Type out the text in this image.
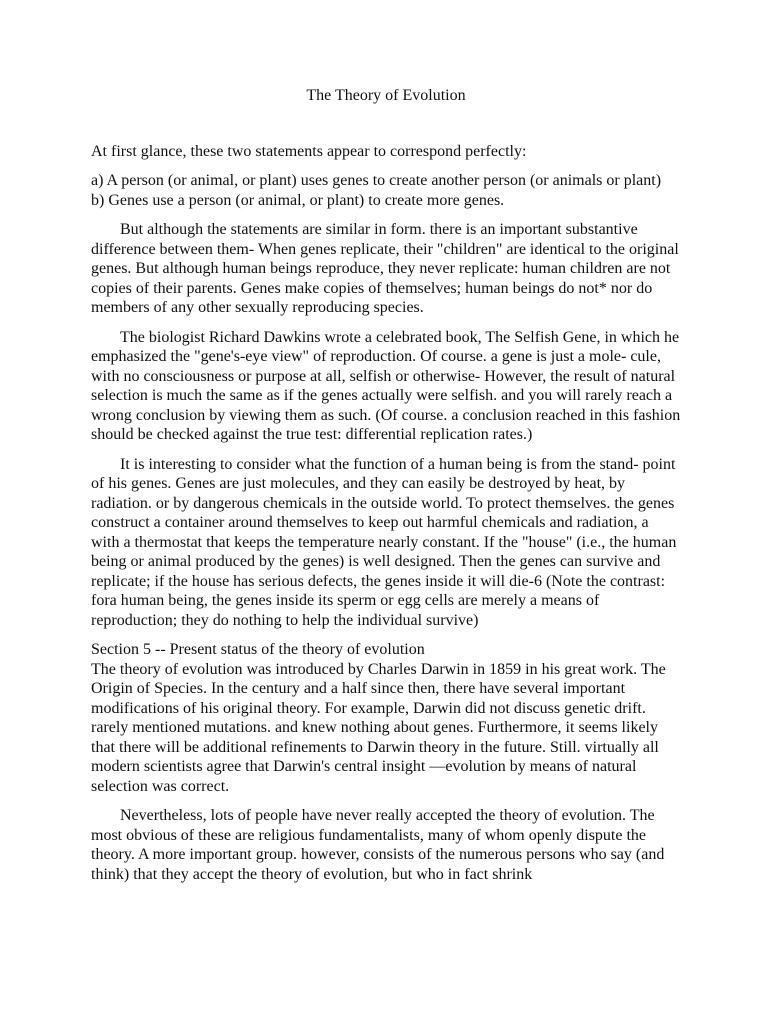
The Theory of Evolution

At first glance, these two statements appear to correspond perfectly:

a) A person (or animal, or plant) uses genes to create another person (or animals or plant)
b) Genes use a person (or animal, or plant) to create more genes.

But although the statements are similar in form. there is an important substantive difference between them- When genes replicate, their "children" are identical to the original genes. But although human beings reproduce, they never replicate: human children are not copies of their parents. Genes make copies of themselves; human beings do not* nor do members of any other sexually reproducing species.

The biologist Richard Dawkins wrote a celebrated book, The Selfish Gene, in which he emphasized the "gene's-eye view" of reproduction. Of course. a gene is just a mole- cule, with no consciousness or purpose at all, selfish or otherwise- However, the result of natural selection is much the same as if the genes actually were selfish. and you will rarely reach a wrong conclusion by viewing them as such. (Of course. a conclusion reached in this fashion should be checked against the true test: differential replication rates.)

It is interesting to consider what the function of a human being is from the stand- point of his genes. Genes are just molecules, and they can easily be destroyed by heat, by radiation. or by dangerous chemicals in the outside world. To protect themselves. the genes construct a container around themselves to keep out harmful chemicals and radiation, a with a thermostat that keeps the temperature nearly constant. If the "house" (i.e., the human being or animal produced by the genes) is well designed. Then the genes can survive and replicate; if the house has serious defects, the genes inside it will die-6 (Note the contrast: fora human being, the genes inside its sperm or egg cells are merely a means of reproduction; they do nothing to help the individual survive)

Section 5 -- Present status of the theory of evolution
The theory of evolution was introduced by Charles Darwin in 1859 in his great work. The Origin of Species. In the century and a half since then, there have several important modifications of his original theory. For example, Darwin did not discuss genetic drift. rarely mentioned mutations. and knew nothing about genes. Furthermore, it seems likely that there will be additional refinements to Darwin theory in the future. Still. virtually all modern scientists agree that Darwin's central insight —evolution by means of natural selection was correct.

Nevertheless, lots of people have never really accepted the theory of evolution. The most obvious of these are religious fundamentalists, many of whom openly dispute the theory. A more important group. however, consists of the numerous persons who say (and think) that they accept the theory of evolution, but who in fact shrink
